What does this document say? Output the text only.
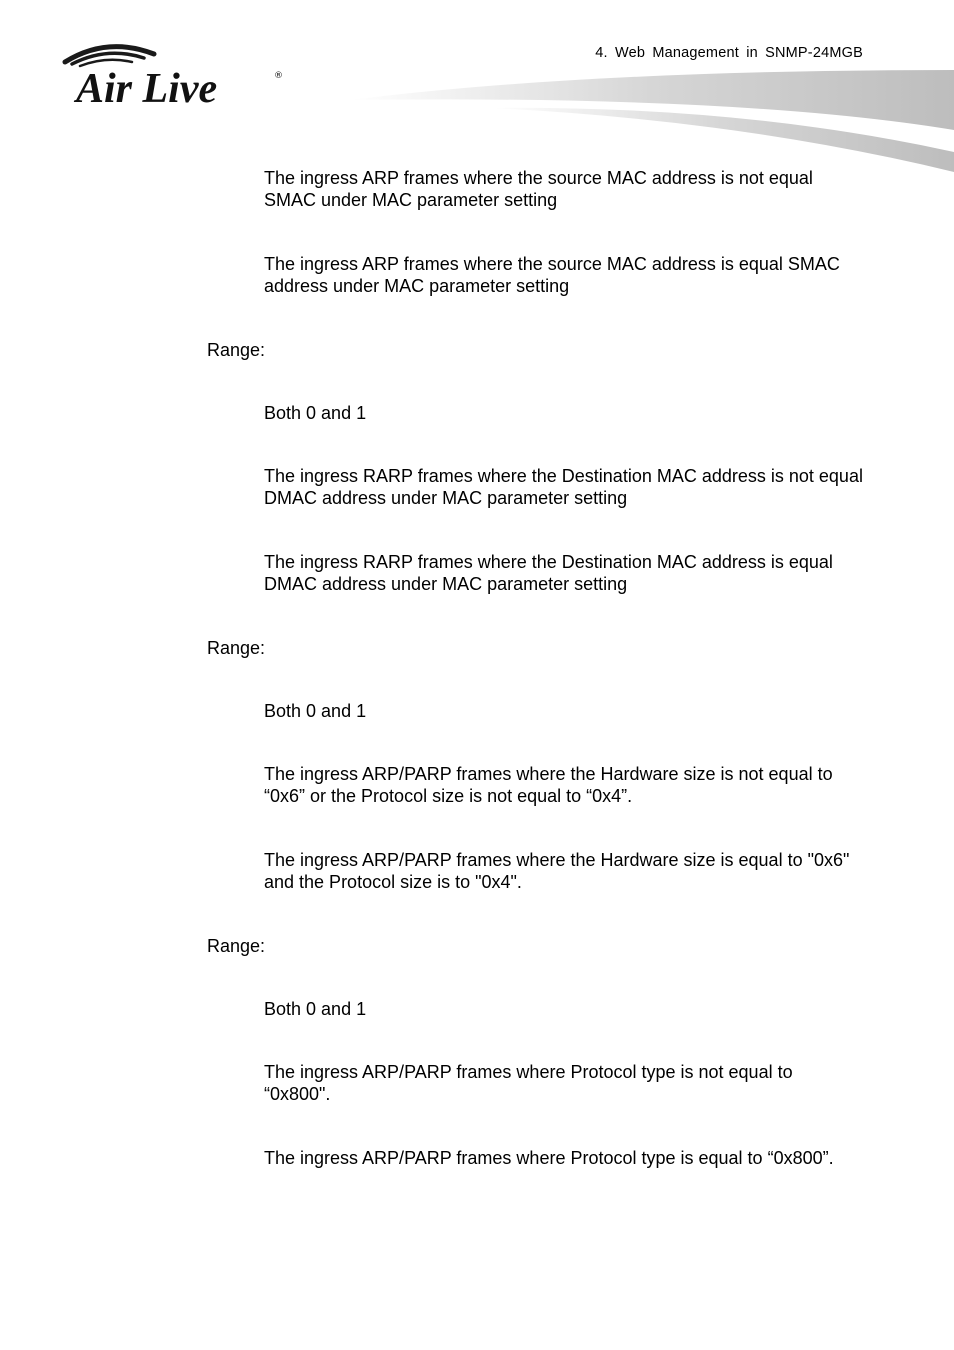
Air Live	®
4. Web Management in SNMP-24MGB

The ingress ARP frames where the source MAC address is not equal SMAC under MAC parameter setting

The ingress ARP frames where the source MAC address is equal SMAC address under MAC parameter setting

Range:

Both 0 and 1

The ingress RARP frames where the Destination MAC address is not equal DMAC address under MAC parameter setting

The ingress RARP frames where the Destination MAC address is equal DMAC address under MAC parameter setting

Range:

Both 0 and 1

The ingress ARP/PARP frames where the Hardware size is not equal to “0x6” or the Protocol size is not equal to “0x4”.

The ingress ARP/PARP frames where the Hardware size is equal to "0x6" and the Protocol size is to "0x4".

Range:

Both 0 and 1

The ingress ARP/PARP frames where Protocol type is not equal to “0x800".

The ingress ARP/PARP frames where Protocol type is equal to “0x800”.
